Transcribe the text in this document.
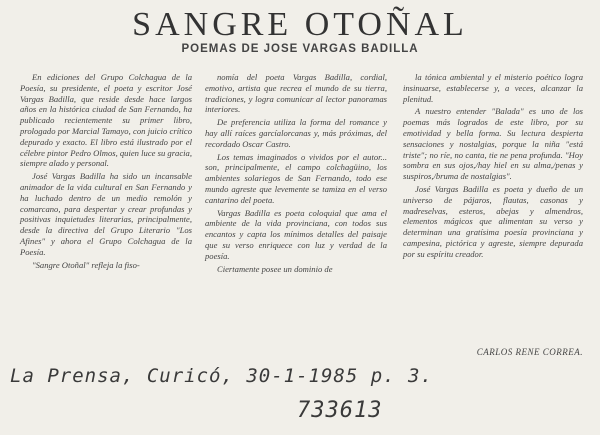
SANGRE OTOÑAL
POEMAS DE JOSE VARGAS BADILLA

En ediciones del Grupo Colchagua de la Poesía, su presidente, el poeta y escritor José Vargas Badilla, que reside desde hace largos años en la histórica ciudad de San Fernando, ha publicado recientemente su primer libro, prologado por Marcial Tamayo, con juicio crítico depurado y exacto. El libro está ilustrado por el célebre pintor Pedro Olmos, quien luce su gracia, siempre alado y personal.

José Vargas Badilla ha sido un incansable animador de la vida cultural en San Fernando y ha luchado dentro de un medio remolón y comarcano, para despertar y crear profundas y positivas inquietudes literarias, principalmente, desde la directiva del Grupo Literario "Los Afines" y ahora el Grupo Colchagua de la Poesía.

"Sangre Otoñal" refleja la fiso-

nomía del poeta Vargas Badilla, cordial, emotivo, artista que recrea el mundo de su tierra, tradiciones, y logra comunicar al lector panoramas interiores.

De preferencia utiliza la forma del romance y hay allí raíces garcíalorcanas y, más próximas, del recordado Oscar Castro.

Los temas imaginados o vividos por el autor... son, principalmente, el campo colchagüino, los ambientes solariegos de San Fernando, todo ese mundo agreste que levemente se tamiza en el verso cantarino del poeta.

Vargas Badilla es poeta coloquial que ama el ambiente de la vida provinciana, con todos sus encantos y capta los mínimos detalles del paisaje que su verso enriquece con luz y verdad de la poesía.

Ciertamente posee un dominio de

la tónica ambiental y el misterio poético logra insinuarse, establecerse y, a veces, alcanzar la plenitud.

A nuestro entender "Balada" es uno de los poemas más logrados de este libro, por su emotividad y bella forma. Su lectura despierta sensaciones y nostalgias, porque la niña "está triste"; no ríe, no canta, tie ne pena profunda. "Hoy sombra en sus ojos,/hay hiel en su alma,/penas y suspiros,/bruma de nostalgias".

José Vargas Badilla es poeta y dueño de un universo de pájaros, flautas, casonas y madreselvas, esteros, abejas y almendros, elementos mágicos que alimentan su verso y determinan una gratísima poesía provinciana y campesina, pictórica y agreste, siempre depurada por su espíritu creador.

CARLOS RENE CORREA.
La Prensa, Curicó, 30-1-1985 p. 3.
733613
